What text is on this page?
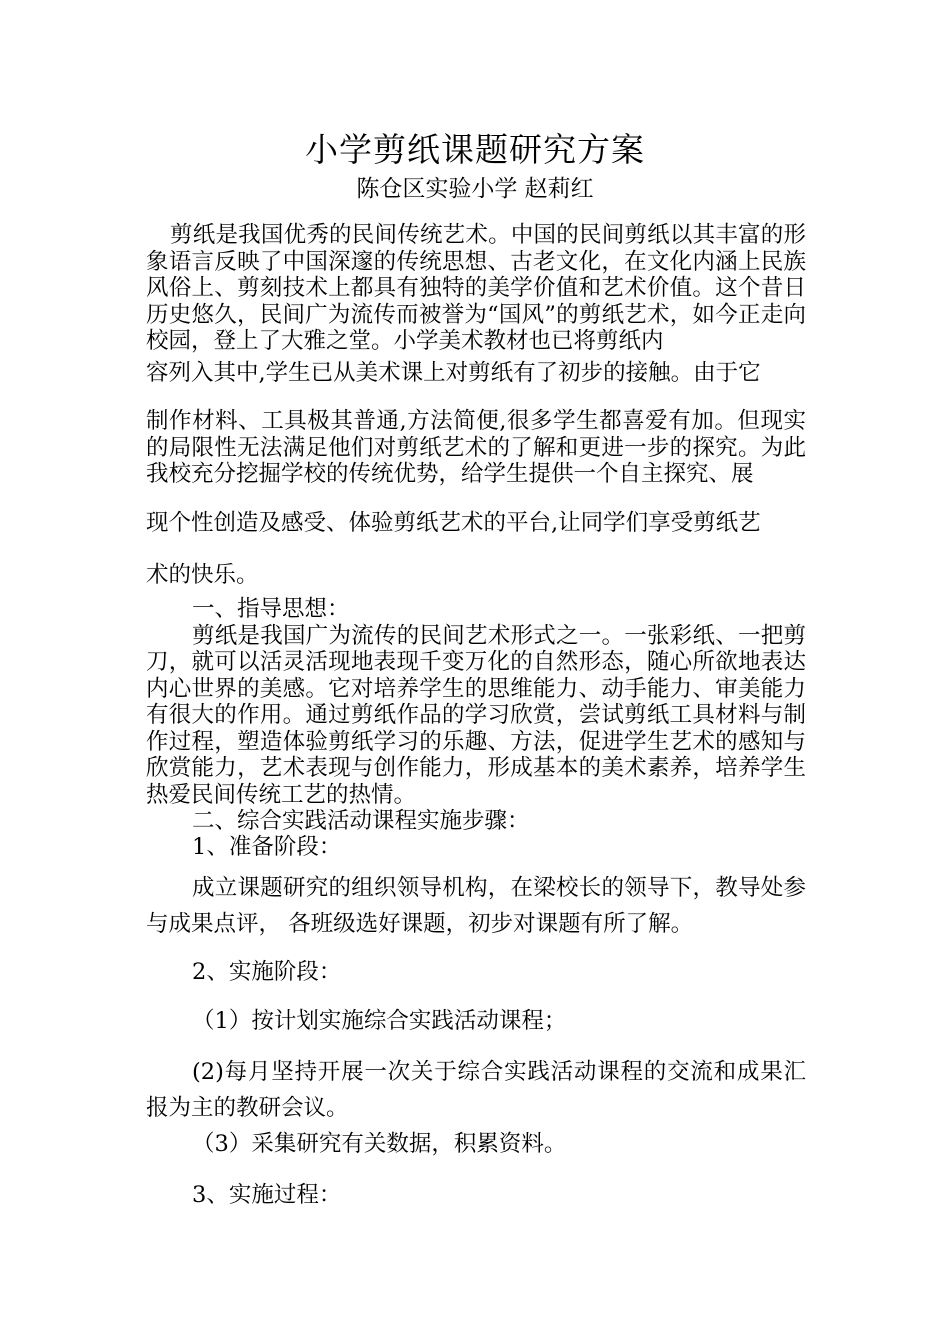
小学剪纸课题研究方案
陈仓区实验小学 赵莉红

剪纸是我国优秀的民间传统艺术。中国的民间剪纸以其丰富的形象语言反映了中国深邃的传统思想、古老文化，在文化内涵上民族风俗上、剪刻技术上都具有独特的美学价值和艺术价值。这个昔日历史悠久，民间广为流传而被誉为“国风”的剪纸艺术，如今正走向校园，登上了大雅之堂。小学美术教材也已将剪纸内

容列入其中,学生已从美术课上对剪纸有了初步的接触。由于它

制作材料、工具极其普通,方法简便,很多学生都喜爱有加。但现实的局限性无法满足他们对剪纸艺术的了解和更进一步的探究。为此我校充分挖掘学校的传统优势，给学生提供一个自主探究、展

现个性创造及感受、体验剪纸艺术的平台,让同学们享受剪纸艺

术的快乐。

一、指导思想：

剪纸是我国广为流传的民间艺术形式之一。一张彩纸、一把剪刀，就可以活灵活现地表现千变万化的自然形态，随心所欲地表达内心世界的美感。它对培养学生的思维能力、动手能力、审美能力有很大的作用。通过剪纸作品的学习欣赏，尝试剪纸工具材料与制作过程，塑造体验剪纸学习的乐趣、方法，促进学生艺术的感知与欣赏能力，艺术表现与创作能力，形成基本的美术素养，培养学生热爱民间传统工艺的热情。

二、综合实践活动课程实施步骤：

1、准备阶段：

成立课题研究的组织领导机构，在梁校长的领导下，教导处参与成果点评， 各班级选好课题，初步对课题有所了解。

2、实施阶段：

（1）按计划实施综合实践活动课程；

(2)每月坚持开展一次关于综合实践活动课程的交流和成果汇报为主的教研会议。

（3）采集研究有关数据，积累资料。

3、实施过程：
